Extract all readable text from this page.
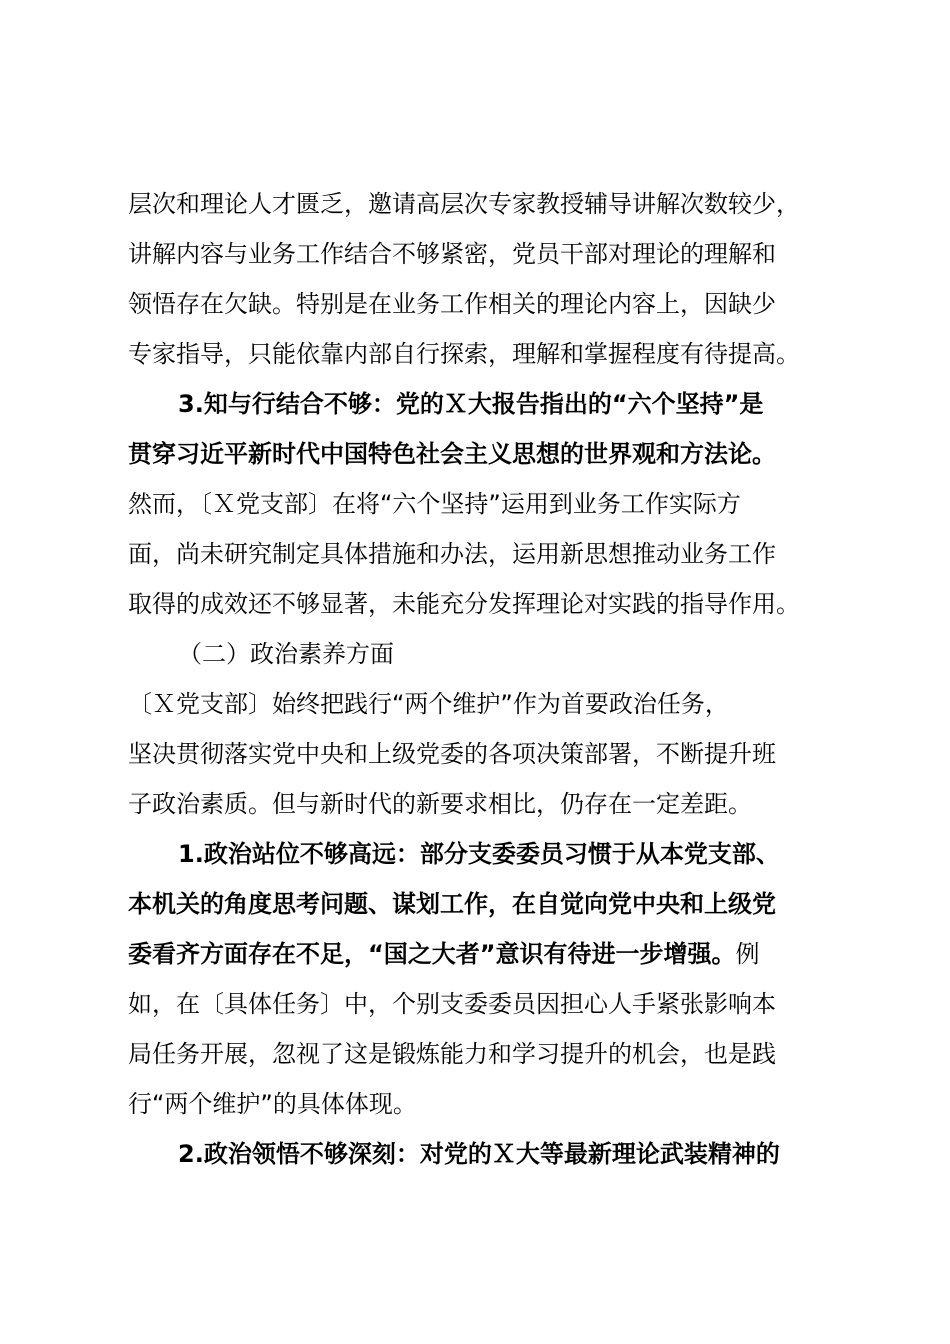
层次和理论人才匮乏，邀请高层次专家教授辅导讲解次数较少，

讲解内容与业务工作结合不够紧密，党员干部对理论的理解和

领悟存在欠缺。特别是在业务工作相关的理论内容上，因缺少

专家指导，只能依靠内部自行探索，理解和掌握程度有待提高。

3.知与行结合不够：党的Ｘ大报告指出的“六个坚持”是

贯穿习近平新时代中国特色社会主义思想的世界观和方法论。

然而，〔Ｘ党支部〕在将“六个坚持”运用到业务工作实际方

面，尚未研究制定具体措施和办法，运用新思想推动业务工作

取得的成效还不够显著，未能充分发挥理论对实践的指导作用。

（二）政治素养方面

〔Ｘ党支部〕始终把践行“两个维护”作为首要政治任务，

坚决贯彻落实党中央和上级党委的各项决策部署，不断提升班

子政治素质。但与新时代的新要求相比，仍存在一定差距。

1.政治站位不够高远：部分支委委员习惯于从本党支部、

本机关的角度思考问题、谋划工作，在自觉向党中央和上级党

委看齐方面存在不足，“国之大者”意识有待进一步增强。例

如，在〔具体任务〕中，个别支委委员因担心人手紧张影响本

局任务开展，忽视了这是锻炼能力和学习提升的机会，也是践

行“两个维护”的具体体现。

2.政治领悟不够深刻：对党的Ｘ大等最新理论武装精神的
